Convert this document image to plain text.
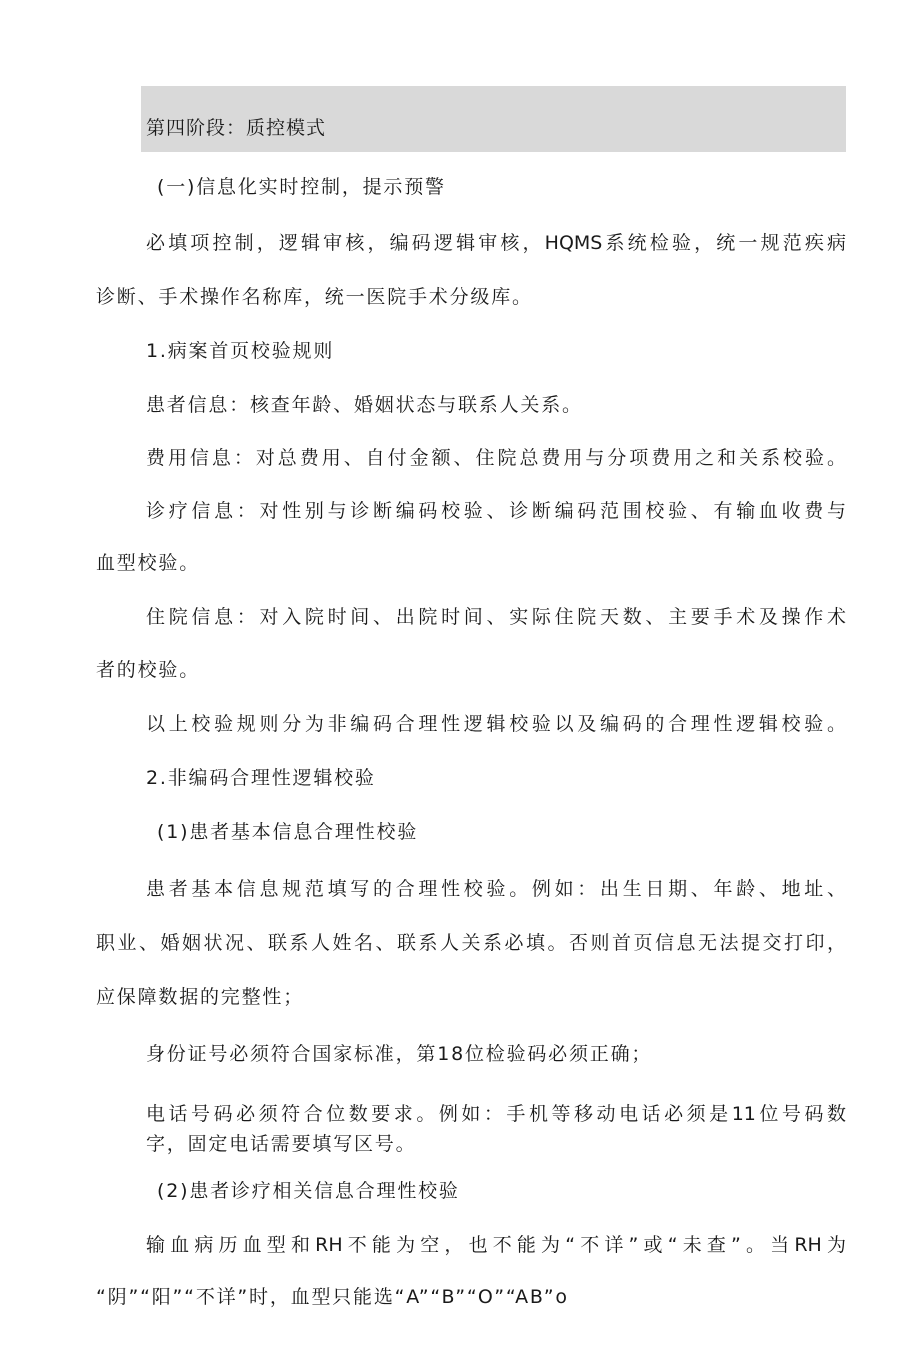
第四阶段：质控模式
(一)信息化实时控制，提示预警
必填项控制，逻辑审核，编码逻辑审核，HQMS系统检验，统一规范疾病
诊断、手术操作名称库，统一医院手术分级库。
1.病案首页校验规则
患者信息：核查年龄、婚姻状态与联系人关系。
费用信息：对总费用、自付金额、住院总费用与分项费用之和关系校验。
诊疗信息：对性别与诊断编码校验、诊断编码范围校验、有输血收费与
血型校验。
住院信息：对入院时间、出院时间、实际住院天数、主要手术及操作术
者的校验。
以上校验规则分为非编码合理性逻辑校验以及编码的合理性逻辑校验。
2.非编码合理性逻辑校验
(1)患者基本信息合理性校验
患者基本信息规范填写的合理性校验。例如：出生日期、年龄、地址、
职业、婚姻状况、联系人姓名、联系人关系必填。否则首页信息无法提交打印，
应保障数据的完整性；
身份证号必须符合国家标准，第18位检验码必须正确；
电话号码必须符合位数要求。例如：手机等移动电话必须是11位号码数
字，固定电话需要填写区号。
(2)患者诊疗相关信息合理性校验
输血病历血型和RH不能为空，也不能为“不详”或“未查”。当RH为
“阴”“阳”“不详”时，血型只能选“A”“B”“O”“AB”o
